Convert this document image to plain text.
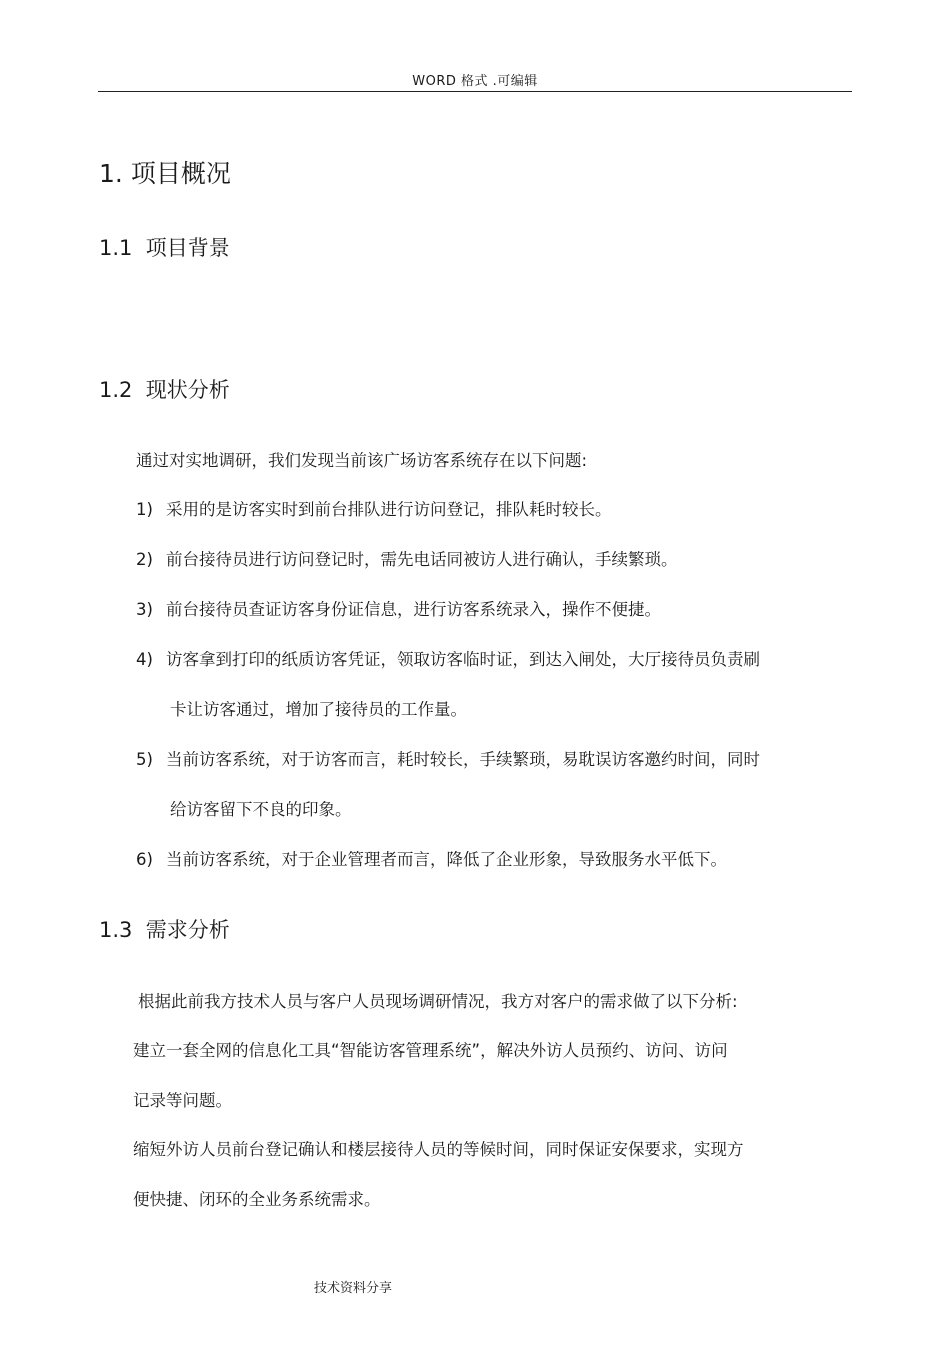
WORD 格式 .可编辑
1. 项目概况
1.1 项目背景
1.2 现状分析
通过对实地调研，我们发现当前该广场访客系统存在以下问题:
1) 采用的是访客实时到前台排队进行访问登记，排队耗时较长。
2) 前台接待员进行访问登记时，需先电话同被访人进行确认，手续繁琐。
3) 前台接待员查证访客身份证信息，进行访客系统录入，操作不便捷。
4) 访客拿到打印的纸质访客凭证，领取访客临时证，到达入闸处，大厅接待员负责刷
卡让访客通过，增加了接待员的工作量。
5) 当前访客系统，对于访客而言，耗时较长，手续繁琐，易耽误访客邀约时间，同时
给访客留下不良的印象。
6) 当前访客系统，对于企业管理者而言，降低了企业形象，导致服务水平低下。
1.3 需求分析
根据此前我方技术人员与客户人员现场调研情况，我方对客户的需求做了以下分析:
建立一套全网的信息化工具“智能访客管理系统”，解决外访人员预约、访问、访问
记录等问题。
缩短外访人员前台登记确认和楼层接待人员的等候时间，同时保证安保要求，实现方
便快捷、闭环的全业务系统需求。
技术资料分享
